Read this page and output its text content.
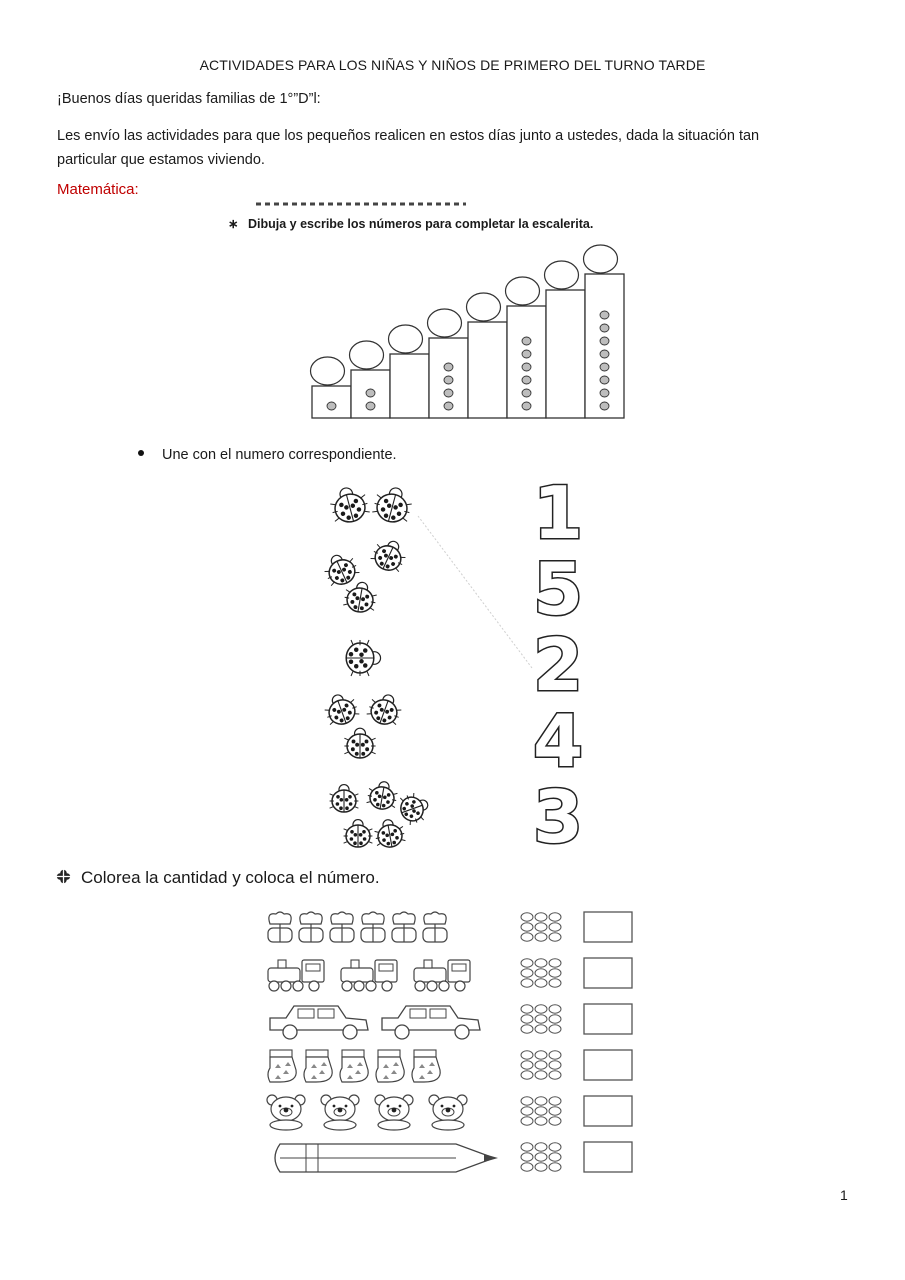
ACTIVIDADES PARA LOS NIÑAS Y NIÑOS DE PRIMERO DEL TURNO TARDE
¡Buenos días queridas familias de 1°”D”l:
Les envío las actividades para que los pequeños realicen en estos días junto a ustedes, dada la situación tan particular que estamos viviendo.
Matemática:
∗ Dibuja y escribe los números para completar la escalerita.
Une con el numero correspondiente.
1
5
2
4
3
Colorea la cantidad y coloca el número.
1
